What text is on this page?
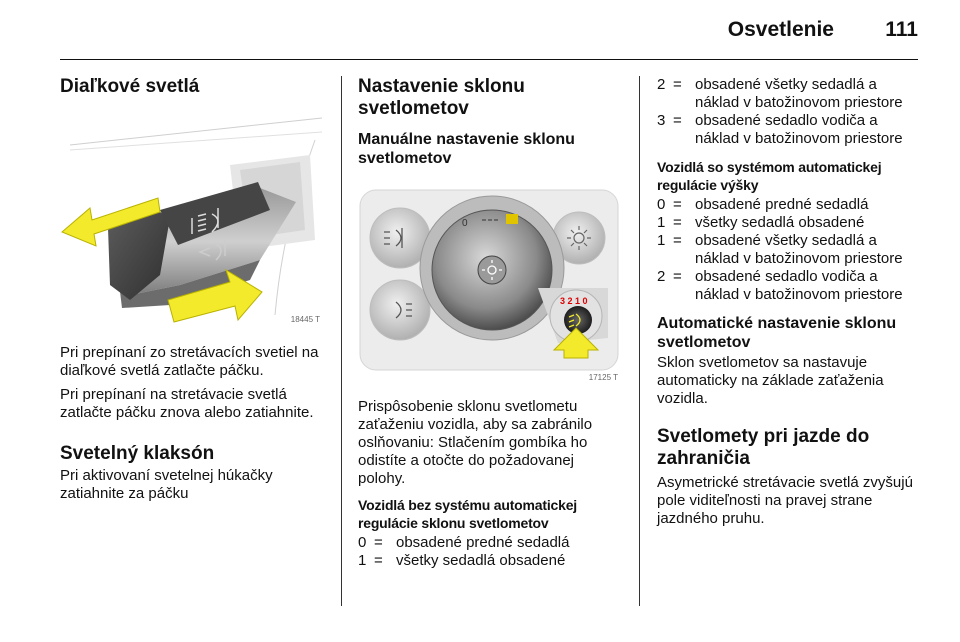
Osvetlenie 111
Diaľkové svetlá
18445 T

Pri prepínaní zo stretávacích svetiel na diaľkové svetlá zatlačte páčku.

Pri prepínaní na stretávacie svetlá zatlačte páčku znova alebo zatiahnite.

Svetelný klaksón

Pri aktivovaní svetelnej húkačky zatiahnite za páčku

Nastavenie sklonu svetlometov
Manuálne nastavenie sklonu svetlometov
0
3 2 1 0
17125 T

Prispôsobenie sklonu svetlometu zaťaženiu vozidla, aby sa zabránilo oslňovaniu: Stlačením gombíka ho odistíte a otočte do požadovanej polohy.

Vozidlá bez systému automatickej regulácie sklonu svetlometov
0 = obsadené predné sedadlá
1 = všetky sedadlá obsadené
2 = obsadené všetky sedadlá a náklad v batožinovom priestore
3 = obsadené sedadlo vodiča a náklad v batožinovom priestore
Vozidlá so systémom automatickej regulácie výšky
0 = obsadené predné sedadlá
1 = všetky sedadlá obsadené
1 = obsadené všetky sedadlá a náklad v batožinovom priestore
2 = obsadené sedadlo vodiča a náklad v batožinovom priestore
Automatické nastavenie sklonu svetlometov

Sklon svetlometov sa nastavuje automaticky na základe zaťaženia vozidla.

Svetlomety pri jazde do zahraničia

Asymetrické stretávacie svetlá zvyšujú pole viditeľnosti na pravej strane jazdného pruhu.
